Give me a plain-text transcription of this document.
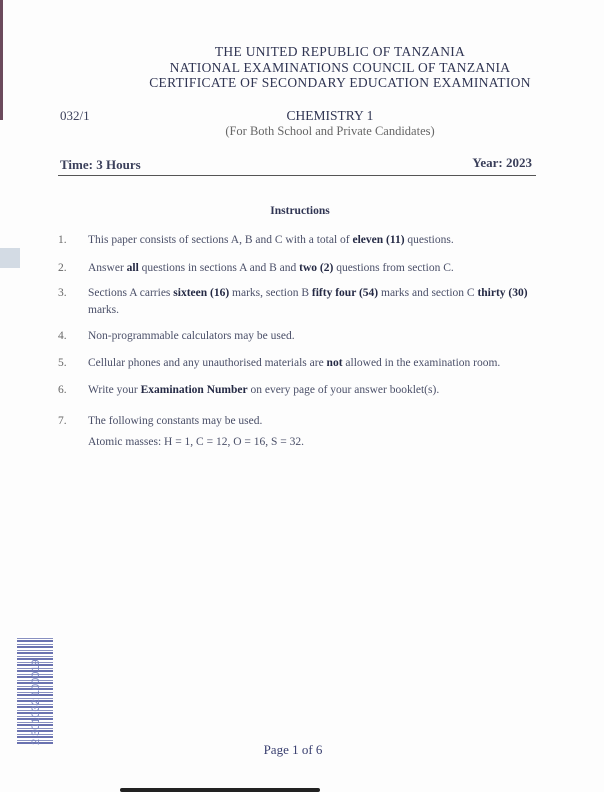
THE UNITED REPUBLIC OF TANZANIA
NATIONAL EXAMINATIONS COUNCIL OF TANZANIA
CERTIFICATE OF SECONDARY EDUCATION EXAMINATION
032/1	CHEMISTRY 1
(For Both School and Private Candidates)
Time: 3 Hours	Year: 2023
Instructions
1. This paper consists of sections A, B and C with a total of eleven (11) questions.
2. Answer all questions in sections A and B and two (2) questions from section C.
3. Sections A carries sixteen (16) marks, section B fifty four (54) marks and section C thirty (30) marks.
4. Non-programmable calculators may be used.
5. Cellular phones and any unauthorised materials are not allowed in the examination room.
6. Write your Examination Number on every page of your answer booklet(s).
7. The following constants may be used.
Atomic masses: H = 1, C = 12, O = 16, S = 32.
2 301032 100019
Page 1 of 6
